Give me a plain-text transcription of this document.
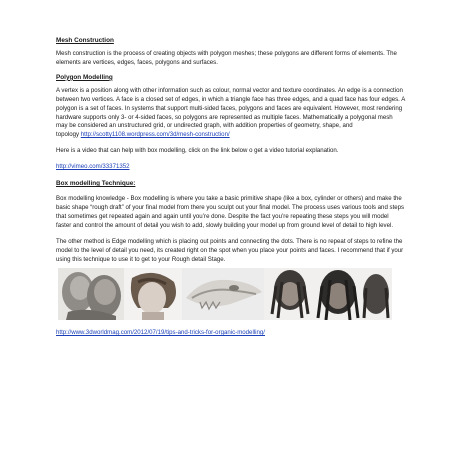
Mesh Construction

Mesh construction is the process of creating objects with polygon meshes; these polygons are different forms of elements. The elements are vertices, edges, faces, polygons and surfaces.

Polygon Modelling

A vertex is a position along with other information such as colour, normal vector and texture coordinates. An edge is a connection between two vertices. A face is a closed set of edges, in which a triangle face has three edges, and a quad face has four edges. A polygon is a set of faces. In systems that support multi-sided faces, polygons and faces are equivalent. However, most rendering hardware supports only 3- or 4-sided faces, so polygons are represented as multiple faces. Mathematically a polygonal mesh may be considered an unstructured grid, or undirected graph, with addition properties of geometry, shape, and
topology http://scotty1108.wordpress.com/3d/mesh-construction/

Here is a video that can help with box modelling, click on the link below o get a video tutorial explanation.

http://vimeo.com/33371352

Box modelling Technique:

Box modelling knowledge - Box modelling is where you take a basic primitive shape (like a box, cylinder or others) and make the basic shape “rough draft” of your final model from there you sculpt out your final model. The process uses various tools and steps that sometimes get repeated again and again until you’re done. Despite the fact you’re repeating these steps you will model faster and control the amount of detail you wish to add, slowly building your model up from ground level of detail to high level.

The other method is Edge modelling which is placing out points and connecting the dots. There is no repeat of steps to refine the model to the level of detail you need, its created right on the spot when you place your points and faces. I recommend that if your using this technique to use it to get to your Rough detail Stage.

http://www.3dworldmag.com/2012/07/19/tips-and-tricks-for-organic-modelling/
